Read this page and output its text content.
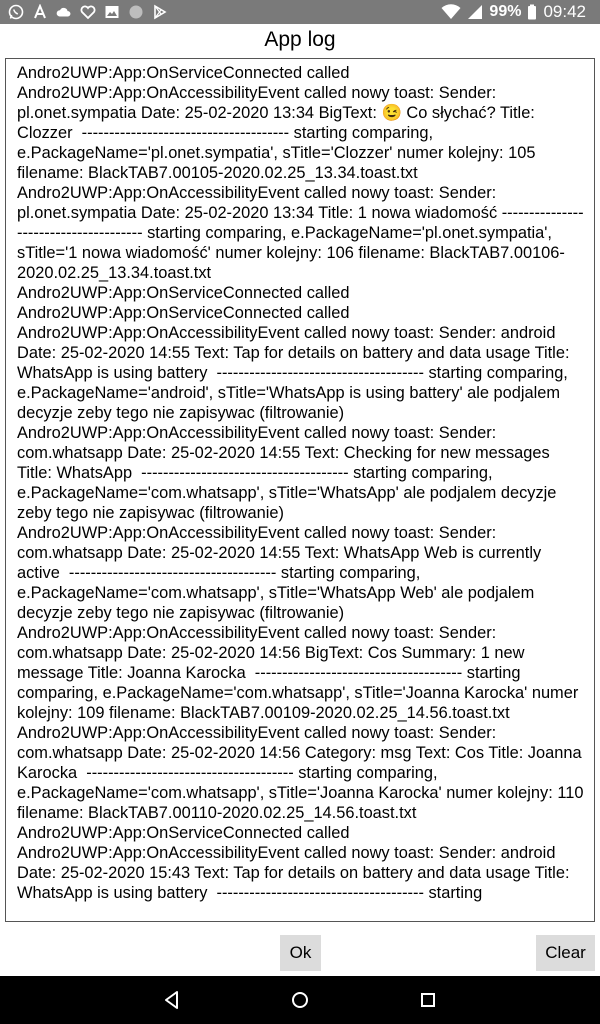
99% 09:42
App log
Andro2UWP:App:OnServiceConnected called
Andro2UWP:App:OnAccessibilityEvent called nowy toast: Sender: pl.onet.sympatia Date: 25-02-2020 13:34 BigText: 😉 Co słychać? Title: Clozzer  -------------------------------------- starting comparing, e.PackageName='pl.onet.sympatia', sTitle='Clozzer' numer kolejny: 105 filename: BlackTAB7.00105-2020.02.25_13.34.toast.txt
Andro2UWP:App:OnAccessibilityEvent called nowy toast: Sender: pl.onet.sympatia Date: 25-02-2020 13:34 Title: 1 nowa wiadomość -------------------------------------- starting comparing, e.PackageName='pl.onet.sympatia', sTitle='1 nowa wiadomość' numer kolejny: 106 filename: BlackTAB7.00106-2020.02.25_13.34.toast.txt
Andro2UWP:App:OnServiceConnected called
Andro2UWP:App:OnServiceConnected called
Andro2UWP:App:OnAccessibilityEvent called nowy toast: Sender: android Date: 25-02-2020 14:55 Text: Tap for details on battery and data usage Title: WhatsApp is using battery  -------------------------------------- starting comparing, e.PackageName='android', sTitle='WhatsApp is using battery' ale podjalem decyzje zeby tego nie zapisywac (filtrowanie)
Andro2UWP:App:OnAccessibilityEvent called nowy toast: Sender: com.whatsapp Date: 25-02-2020 14:55 Text: Checking for new messages Title: WhatsApp  -------------------------------------- starting comparing, e.PackageName='com.whatsapp', sTitle='WhatsApp' ale podjalem decyzje zeby tego nie zapisywac (filtrowanie)
Andro2UWP:App:OnAccessibilityEvent called nowy toast: Sender: com.whatsapp Date: 25-02-2020 14:55 Text: WhatsApp Web is currently active  -------------------------------------- starting comparing, e.PackageName='com.whatsapp', sTitle='WhatsApp Web' ale podjalem decyzje zeby tego nie zapisywac (filtrowanie)
Andro2UWP:App:OnAccessibilityEvent called nowy toast: Sender: com.whatsapp Date: 25-02-2020 14:56 BigText: Cos Summary: 1 new message Title: Joanna Karocka  -------------------------------------- starting comparing, e.PackageName='com.whatsapp', sTitle='Joanna Karocka' numer kolejny: 109 filename: BlackTAB7.00109-2020.02.25_14.56.toast.txt
Andro2UWP:App:OnAccessibilityEvent called nowy toast: Sender: com.whatsapp Date: 25-02-2020 14:56 Category: msg Text: Cos Title: Joanna Karocka  -------------------------------------- starting comparing, e.PackageName='com.whatsapp', sTitle='Joanna Karocka' numer kolejny: 110 filename: BlackTAB7.00110-2020.02.25_14.56.toast.txt
Andro2UWP:App:OnServiceConnected called
Andro2UWP:App:OnAccessibilityEvent called nowy toast: Sender: android Date: 25-02-2020 15:43 Text: Tap for details on battery and data usage Title: WhatsApp is using battery  -------------------------------------- starting
Ok	Clear
